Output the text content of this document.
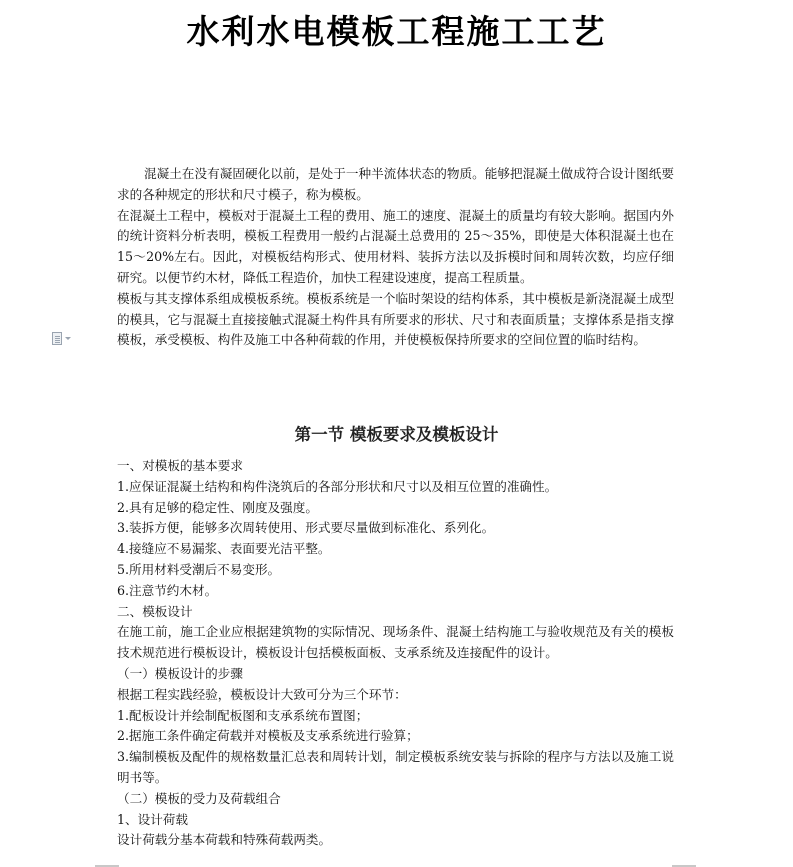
水利水电模板工程施工工艺

混凝土在没有凝固硬化以前，是处于一种半流体状态的物质。能够把混凝土做成符合设计图纸要求的各种规定的形状和尺寸模子，称为模板。

在混凝土工程中，模板对于混凝土工程的费用、施工的速度、混凝土的质量均有较大影响。据国内外的统计资料分析表明，模板工程费用一般约占混凝土总费用的 25～35%，即使是大体积混凝土也在 15～20%左右。因此，对模板结构形式、使用材料、装拆方法以及拆模时间和周转次数，均应仔细研究。以便节约木材，降低工程造价，加快工程建设速度，提高工程质量。

模板与其支撑体系组成模板系统。模板系统是一个临时架设的结构体系，其中模板是新浇混凝土成型的模具，它与混凝土直接接触式混凝土构件具有所要求的形状、尺寸和表面质量；支撑体系是指支撑模板，承受模板、构件及施工中各种荷载的作用，并使模板保持所要求的空间位置的临时结构。

第一节 模板要求及模板设计

一、对模板的基本要求

1.应保证混凝土结构和构件浇筑后的各部分形状和尺寸以及相互位置的准确性。

2.具有足够的稳定性、刚度及强度。

3.装拆方便，能够多次周转使用、形式要尽量做到标准化、系列化。

4.接缝应不易漏浆、表面要光洁平整。

5.所用材料受潮后不易变形。

6.注意节约木材。

二、模板设计

在施工前，施工企业应根据建筑物的实际情况、现场条件、混凝土结构施工与验收规范及有关的模板技术规范进行模板设计，模板设计包括模板面板、支承系统及连接配件的设计。

（一）模板设计的步骤

根据工程实践经验，模板设计大致可分为三个环节：

1.配板设计并绘制配板图和支承系统布置图；

2.据施工条件确定荷载并对模板及支承系统进行验算；

3.编制模板及配件的规格数量汇总表和周转计划，制定模板系统安装与拆除的程序与方法以及施工说明书等。

（二）模板的受力及荷载组合

1、设计荷载

设计荷载分基本荷载和特殊荷载两类。
